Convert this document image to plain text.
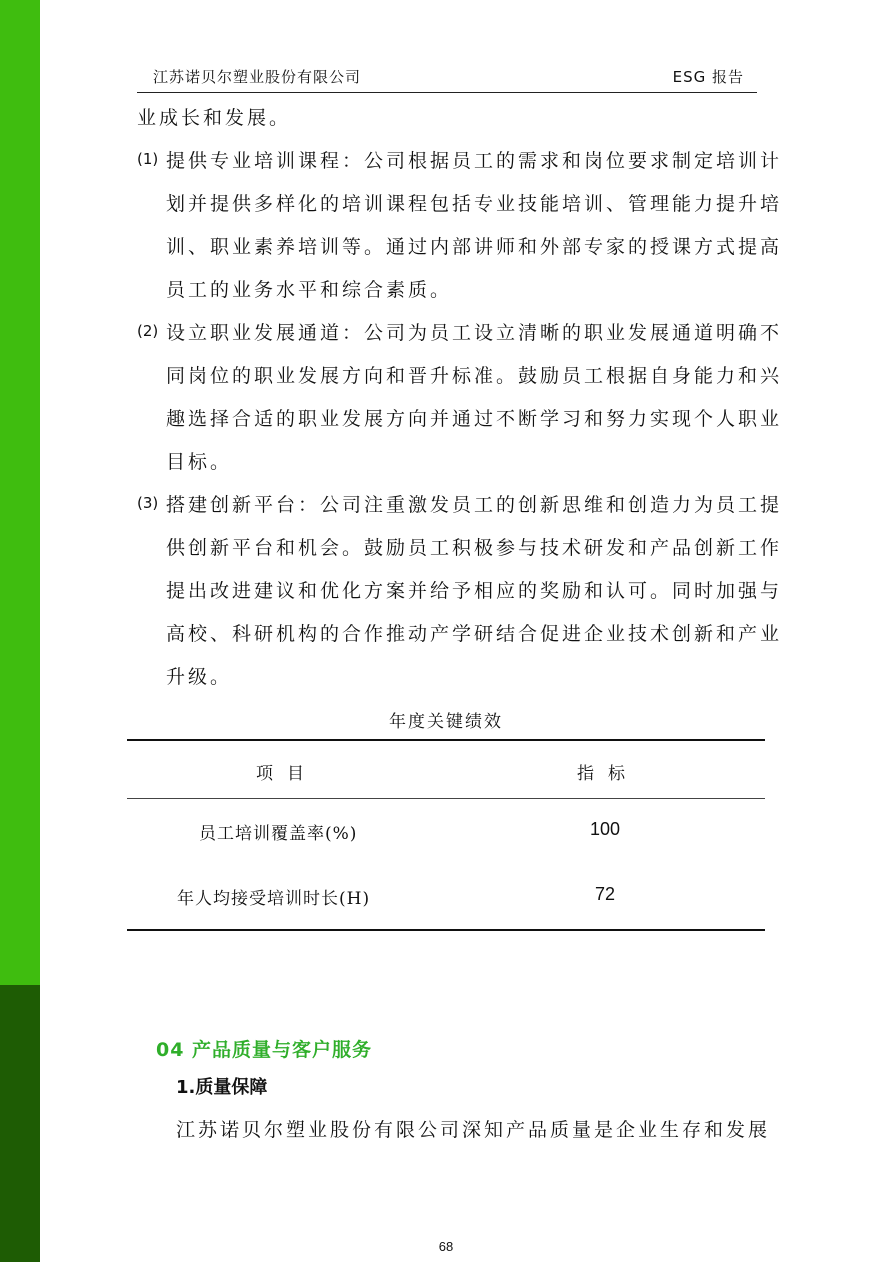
江苏诺贝尔塑业股份有限公司	ESG 报告
业成长和发展。
(1) 提供专业培训课程：公司根据员工的需求和岗位要求制定培训计
划并提供多样化的培训课程包括专业技能培训、管理能力提升培
训、职业素养培训等。通过内部讲师和外部专家的授课方式提高
员工的业务水平和综合素质。
(2) 设立职业发展通道：公司为员工设立清晰的职业发展通道明确不
同岗位的职业发展方向和晋升标准。鼓励员工根据自身能力和兴
趣选择合适的职业发展方向并通过不断学习和努力实现个人职业
目标。
(3) 搭建创新平台：公司注重激发员工的创新思维和创造力为员工提
供创新平台和机会。鼓励员工积极参与技术研发和产品创新工作
提出改进建议和优化方案并给予相应的奖励和认可。同时加强与
高校、科研机构的合作推动产学研结合促进企业技术创新和产业
升级。
年度关键绩效
项目	指标
员工培训覆盖率(%)	100
年人均接受培训时长(H)	72
04 产品质量与客户服务
1.质量保障
江苏诺贝尔塑业股份有限公司深知产品质量是企业生存和发展
68
